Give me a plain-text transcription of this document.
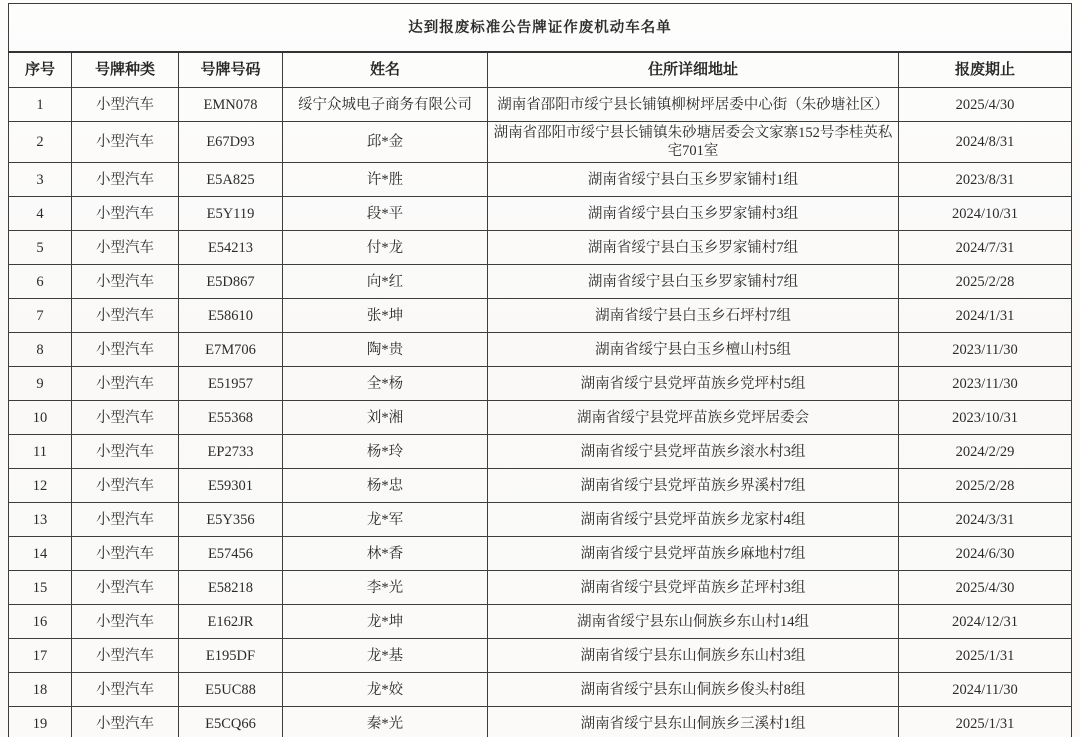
达到报废标准公告牌证作废机动车名单					
序号	号牌种类	号牌号码	姓名	住所详细地址	报废期止
1	小型汽车	EMN078	绥宁众城电子商务有限公司	湖南省邵阳市绥宁县长铺镇柳树坪居委中心街（朱砂塘社区）	2025/4/30
2	小型汽车	E67D93	邱*金	湖南省邵阳市绥宁县长铺镇朱砂塘居委会文家寨152号李桂英私宅701室	2024/8/31
3	小型汽车	E5A825	许*胜	湖南省绥宁县白玉乡罗家铺村1组	2023/8/31
4	小型汽车	E5Y119	段*平	湖南省绥宁县白玉乡罗家铺村3组	2024/10/31
5	小型汽车	E54213	付*龙	湖南省绥宁县白玉乡罗家铺村7组	2024/7/31
6	小型汽车	E5D867	向*红	湖南省绥宁县白玉乡罗家铺村7组	2025/2/28
7	小型汽车	E58610	张*坤	湖南省绥宁县白玉乡石坪村7组	2024/1/31
8	小型汽车	E7M706	陶*贵	湖南省绥宁县白玉乡檀山村5组	2023/11/30
9	小型汽车	E51957	全*杨	湖南省绥宁县党坪苗族乡党坪村5组	2023/11/30
10	小型汽车	E55368	刘*湘	湖南省绥宁县党坪苗族乡党坪居委会	2023/10/31
11	小型汽车	EP2733	杨*玲	湖南省绥宁县党坪苗族乡滚水村3组	2024/2/29
12	小型汽车	E59301	杨*忠	湖南省绥宁县党坪苗族乡界溪村7组	2025/2/28
13	小型汽车	E5Y356	龙*军	湖南省绥宁县党坪苗族乡龙家村4组	2024/3/31
14	小型汽车	E57456	林*香	湖南省绥宁县党坪苗族乡麻地村7组	2024/6/30
15	小型汽车	E58218	李*光	湖南省绥宁县党坪苗族乡芷坪村3组	2025/4/30
16	小型汽车	E162JR	龙*坤	湖南省绥宁县东山侗族乡东山村14组	2024/12/31
17	小型汽车	E195DF	龙*基	湖南省绥宁县东山侗族乡东山村3组	2025/1/31
18	小型汽车	E5UC88	龙*姣	湖南省绥宁县东山侗族乡俊头村8组	2024/11/30
19	小型汽车	E5CQ66	秦*光	湖南省绥宁县东山侗族乡三溪村1组	2025/1/31
